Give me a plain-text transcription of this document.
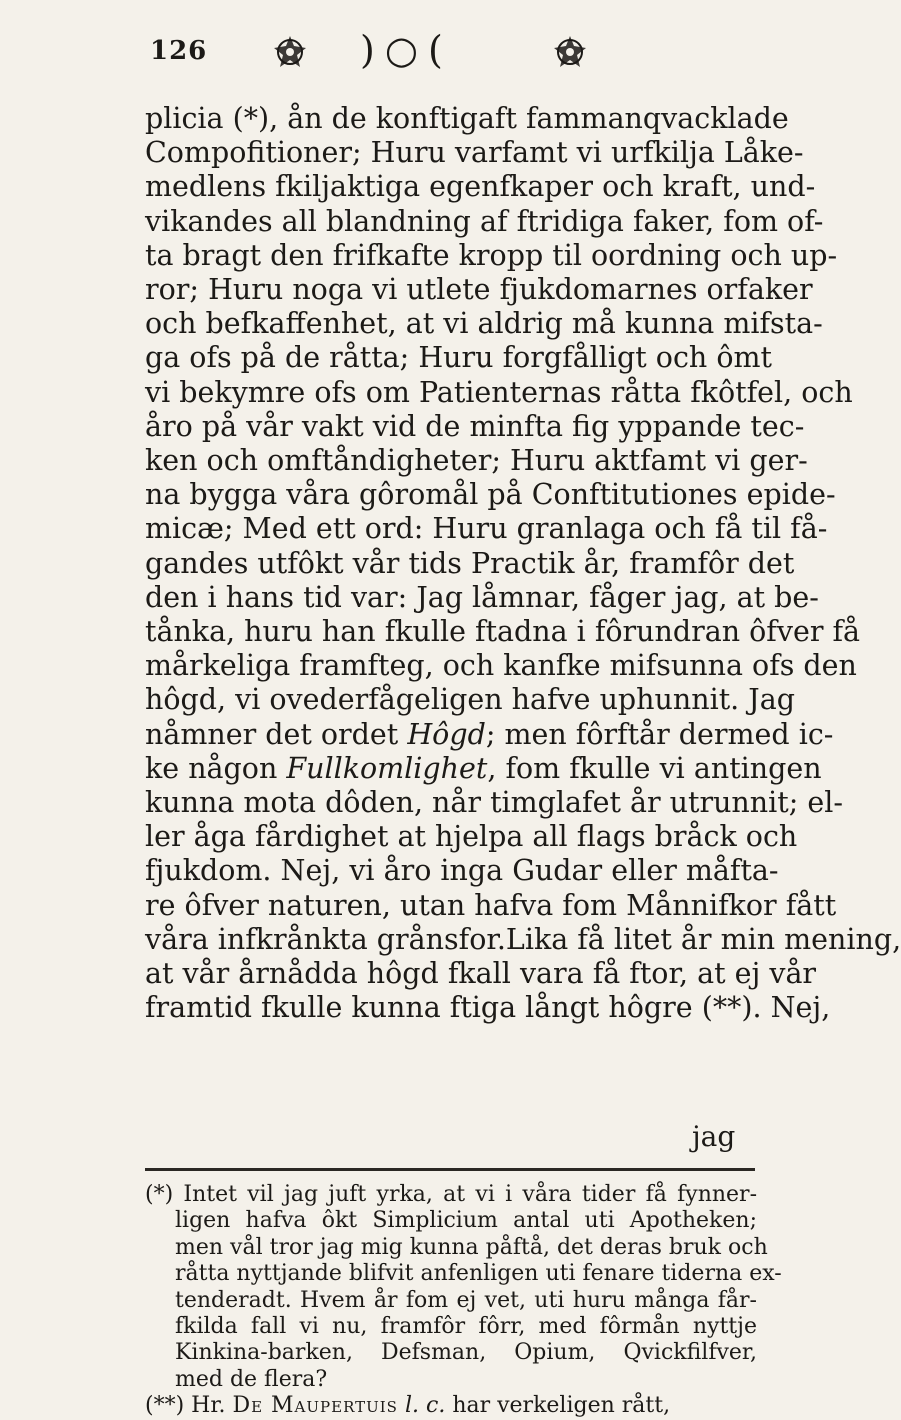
126	)○(
plicia (*), ån de konftigaft fammanqvacklade
Compofitioner; Huru varfamt vi urfkilja Låke-
medlens fkiljaktiga egenfkaper och kraft, und-
vikandes all blandning af ftridiga faker, fom of-
ta bragt den frifkafte kropp til oordning och up-
ror; Huru noga vi utlete fjukdomarnes orfaker
och befkaffenhet, at vi aldrig må kunna mifsta-
ga ofs på de råtta; Huru forgfålligt och ômt
vi bekymre ofs om Patienternas råtta fkôtfel, och
åro på vår vakt vid de minfta fig yppande tec-
ken och omftåndigheter; Huru aktfamt vi ger-
na bygga våra gôromål på Conftitutiones epide-
micæ; Med ett ord: Huru granlaga och få til få-
gandes utfôkt vår tids Practik år, framfôr det
den i hans tid var: Jag låmnar, fåger jag, at be-
tånka, huru han fkulle ftadna i fôrundran ôfver få
mårkeliga framfteg, och kanfke mifsunna ofs den
hôgd, vi ovederfågeligen hafve uphunnit. Jag
nåmner det ordet Hôgd; men fôrftår dermed ic-
ke någon Fullkomlighet, fom fkulle vi antingen
kunna mota dôden, når timglafet år utrunnit; el-
ler åga fårdighet at hjelpa all flags bråck och
fjukdom. Nej, vi åro inga Gudar eller måfta-
re ôfver naturen, utan hafva fom Månnifkor fått
våra infkrånkta grånsfor.Lika få litet år min mening,
at vår årnådda hôgd fkall vara få ftor, at ej vår
framtid fkulle kunna ftiga långt hôgre (**). Nej,
jag
(*) Intet vil jag juft yrka, at vi i våra tider få fynner-
ligen hafva ôkt Simplicium antal uti Apotheken;
men vål tror jag mig kunna påftå, det deras bruk och
råtta nyttjande blifvit anfenligen uti fenare tiderna ex-
tenderadt. Hvem år fom ej vet, uti huru många får-
fkilda fall vi nu, framfôr fôrr, med fôrmån nyttje
Kinkina-barken, Defsman, Opium, Qvickfilfver,
med de flera?
(**) Hr. De Maupertuis l. c. har verkeligen rått,
